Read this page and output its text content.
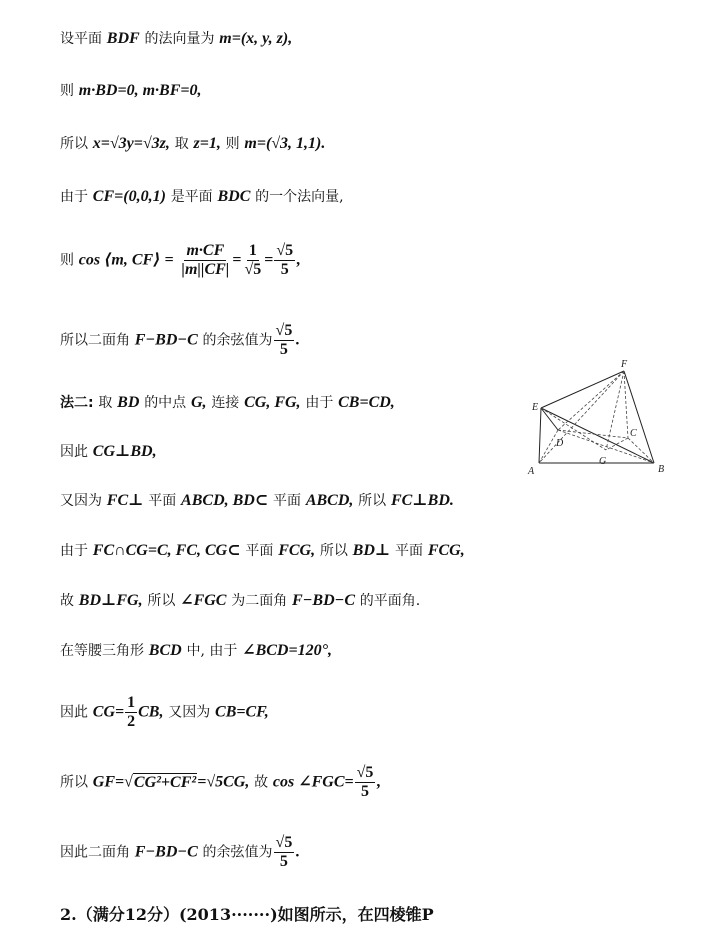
设平面 BDF 的法向量为 m=(x, y, z),
则 m·BD=0, m·BF=0,
所以 x=√3y=√3z, 取 z=1, 则 m=(√3, 1,1).
由于 CF=(0,0,1) 是平面 BDC 的一个法向量,
则 cos ⟨m, CF⟩ = $\frac{m\cdot CF}{|m||CF|} = \frac{1}{√5} = \frac{√5}{5}$ ,
所以二面角 F−BD−C 的余弦值为 $\frac{√5}{5}$ .
法二: 取 BD 的中点 G, 连接 CG, FG, 由于 CB=CD,
F
E
C
D
G
A	B
因此 CG⊥BD,
又因为 FC⊥ 平面 ABCD, BD⊂ 平面 ABCD, 所以 FC⊥BD.
由于 FC∩CG=C, FC, CG⊂ 平面 FCG, 所以 BD⊥ 平面 FCG,
故 BD⊥FG, 所以 ∠FGC 为二面角 F−BD−C 的平面角.
在等腰三角形 BCD 中, 由于 ∠BCD=120°,
因此 $CG= \frac{1}{2}$ CB, 又因为 CB=CF,
所以 GF=√CG²+CF²=√5CG, 故 cos ∠FGC= $\frac{√5}{5}$ ,
因此二面角 F−BD−C 的余弦值为 $\frac{√5}{5}$ .
2.（满分12分）(2013·······)如图所示，在四棱锥P
